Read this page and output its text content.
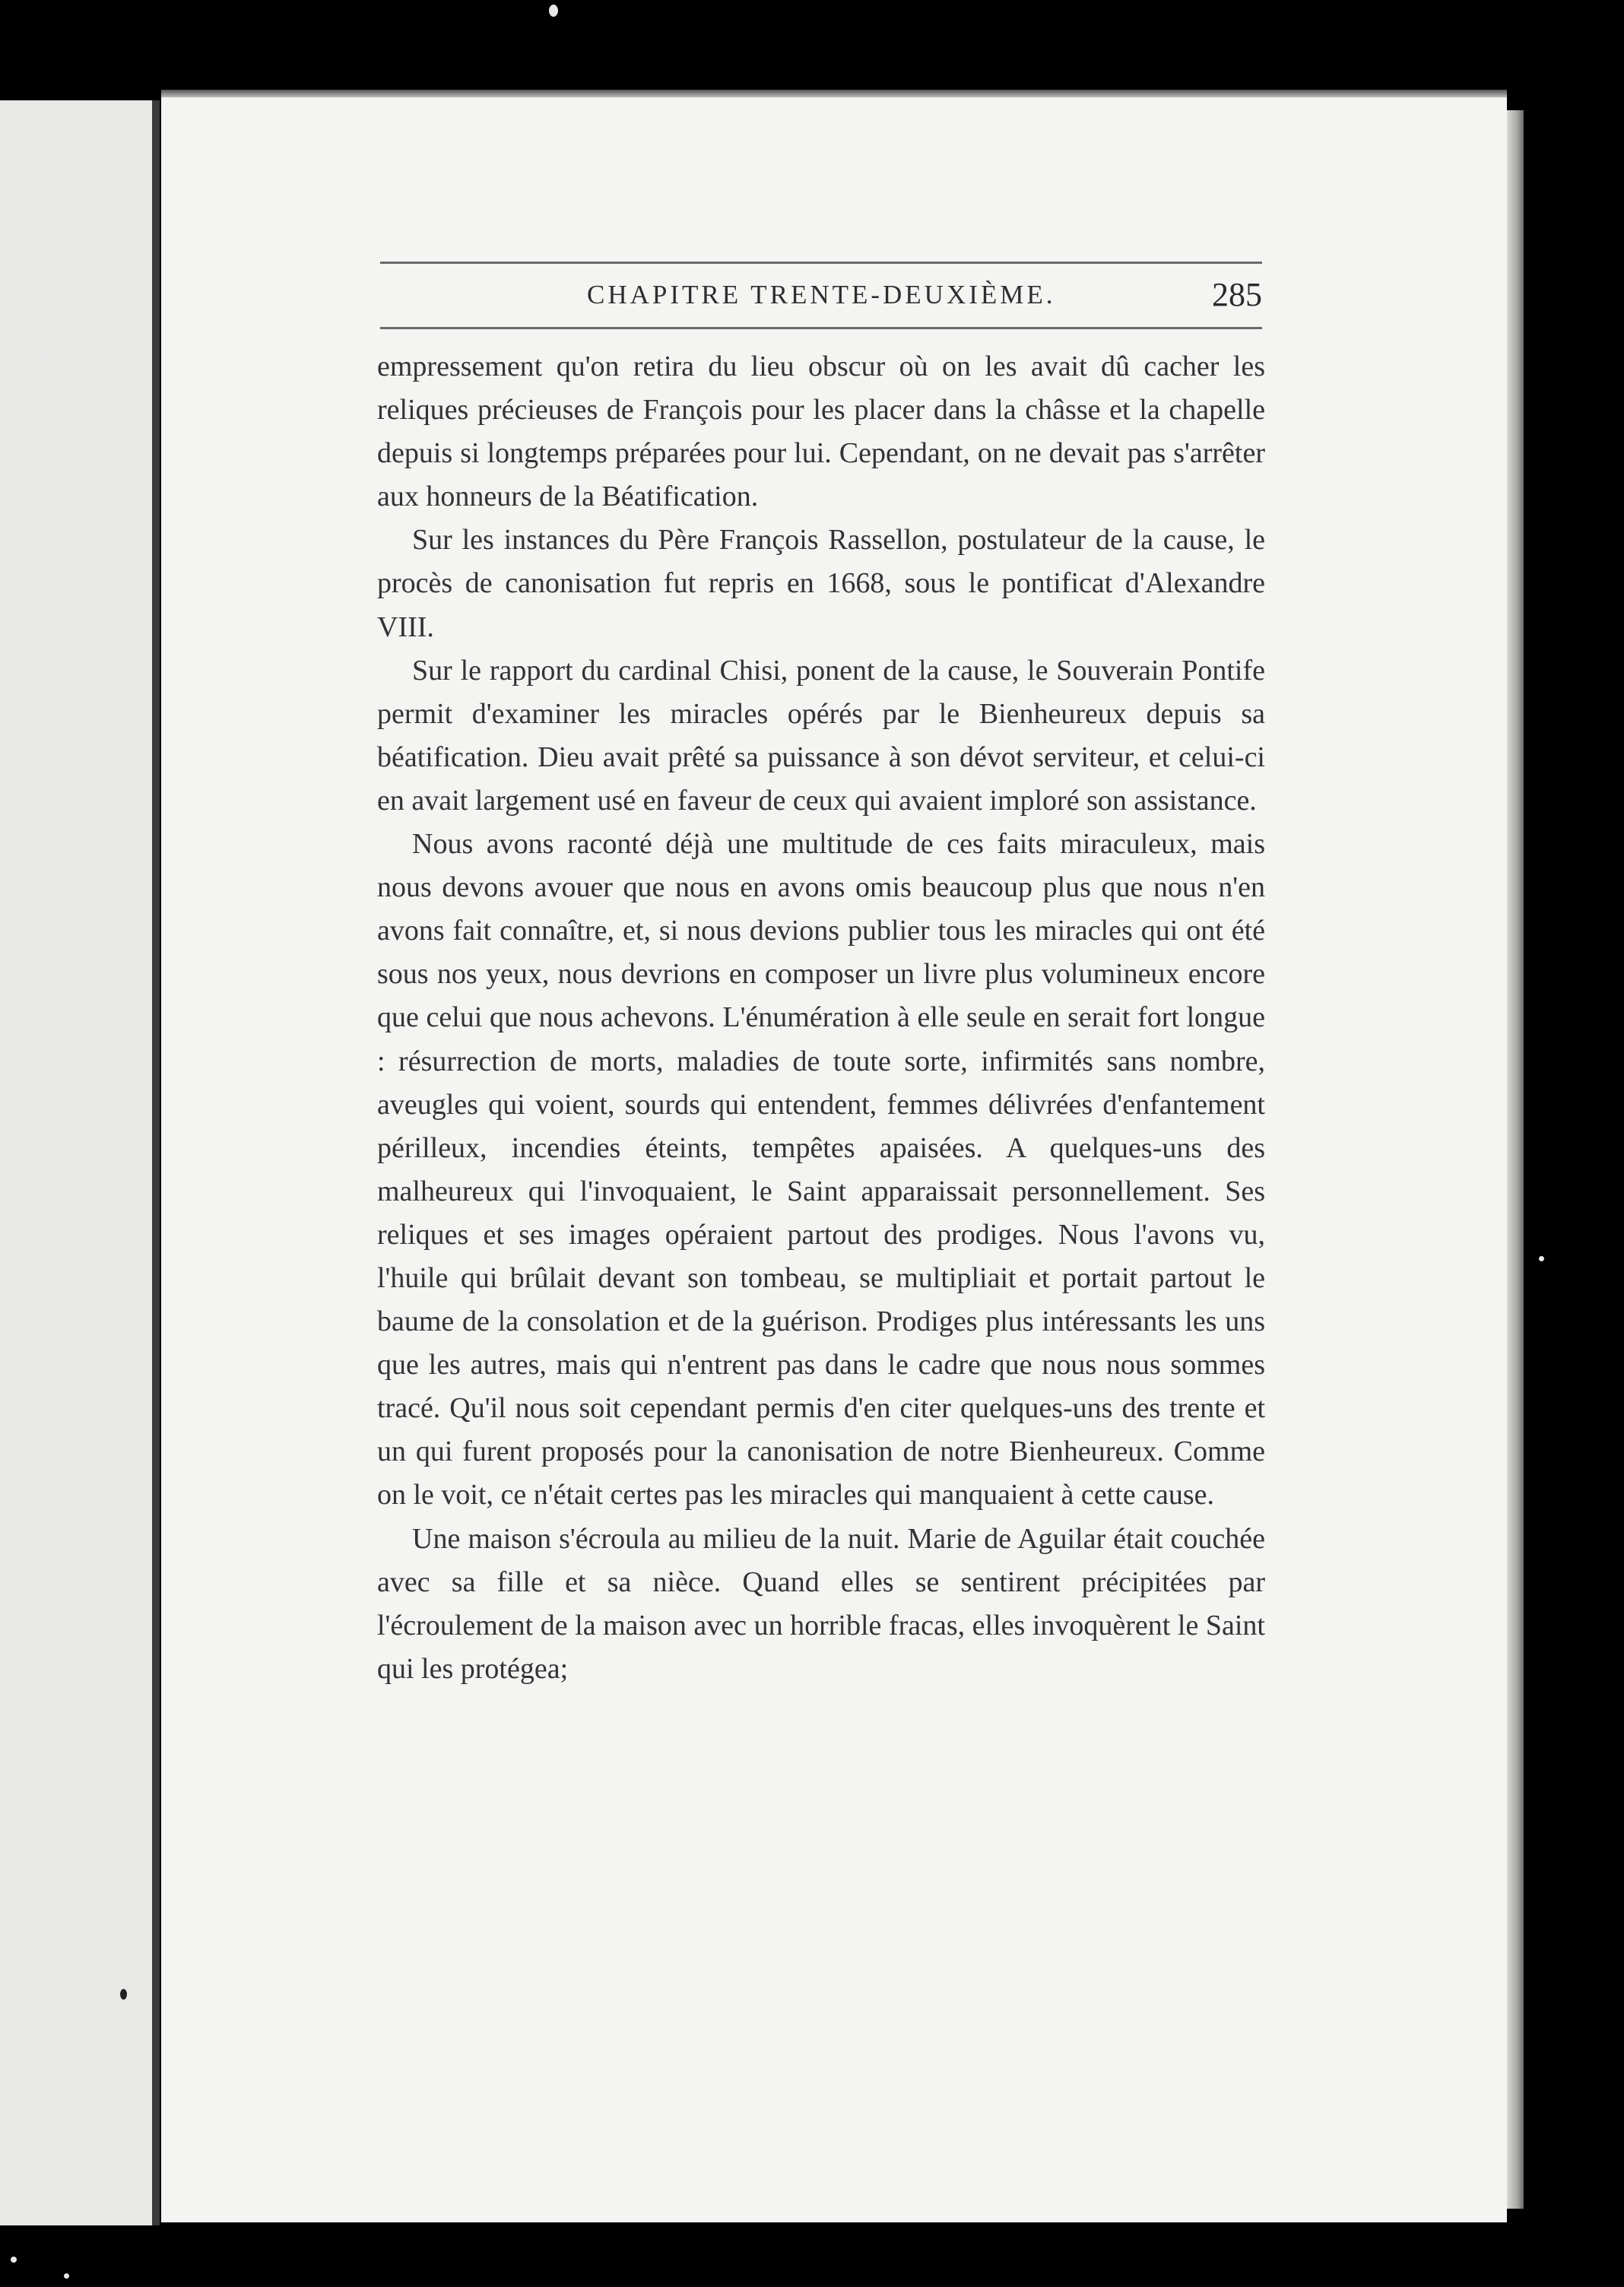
CHAPITRE TRENTE-DEUXIÈME.	285

empressement qu'on retira du lieu obscur où on les avait dû cacher les reliques précieuses de François pour les placer dans la châsse et la chapelle depuis si longtemps préparées pour lui. Cependant, on ne devait pas s'arrêter aux honneurs de la Béatification.

Sur les instances du Père François Rassellon, postulateur de la cause, le procès de canonisation fut repris en 1668, sous le pontificat d'Alexandre VIII.

Sur le rapport du cardinal Chisi, ponent de la cause, le Souverain Pontife permit d'examiner les miracles opérés par le Bienheureux depuis sa béatification. Dieu avait prêté sa puissance à son dévot serviteur, et celui-ci en avait largement usé en faveur de ceux qui avaient imploré son assistance.

Nous avons raconté déjà une multitude de ces faits miraculeux, mais nous devons avouer que nous en avons omis beaucoup plus que nous n'en avons fait connaître, et, si nous devions publier tous les miracles qui ont été sous nos yeux, nous devrions en composer un livre plus volumineux encore que celui que nous achevons. L'énumération à elle seule en serait fort longue : résurrection de morts, maladies de toute sorte, infirmités sans nombre, aveugles qui voient, sourds qui entendent, femmes délivrées d'enfantement périlleux, incendies éteints, tempêtes apaisées. A quelques-uns des malheureux qui l'invoquaient, le Saint apparaissait personnellement. Ses reliques et ses images opéraient partout des prodiges. Nous l'avons vu, l'huile qui brûlait devant son tombeau, se multipliait et portait partout le baume de la consolation et de la guérison. Prodiges plus intéressants les uns que les autres, mais qui n'entrent pas dans le cadre que nous nous sommes tracé. Qu'il nous soit cependant permis d'en citer quelques-uns des trente et un qui furent proposés pour la canonisation de notre Bienheureux. Comme on le voit, ce n'était certes pas les miracles qui manquaient à cette cause.

Une maison s'écroula au milieu de la nuit. Marie de Aguilar était couchée avec sa fille et sa nièce. Quand elles se sentirent précipitées par l'écroulement de la maison avec un horrible fracas, elles invoquèrent le Saint qui les protégea;
